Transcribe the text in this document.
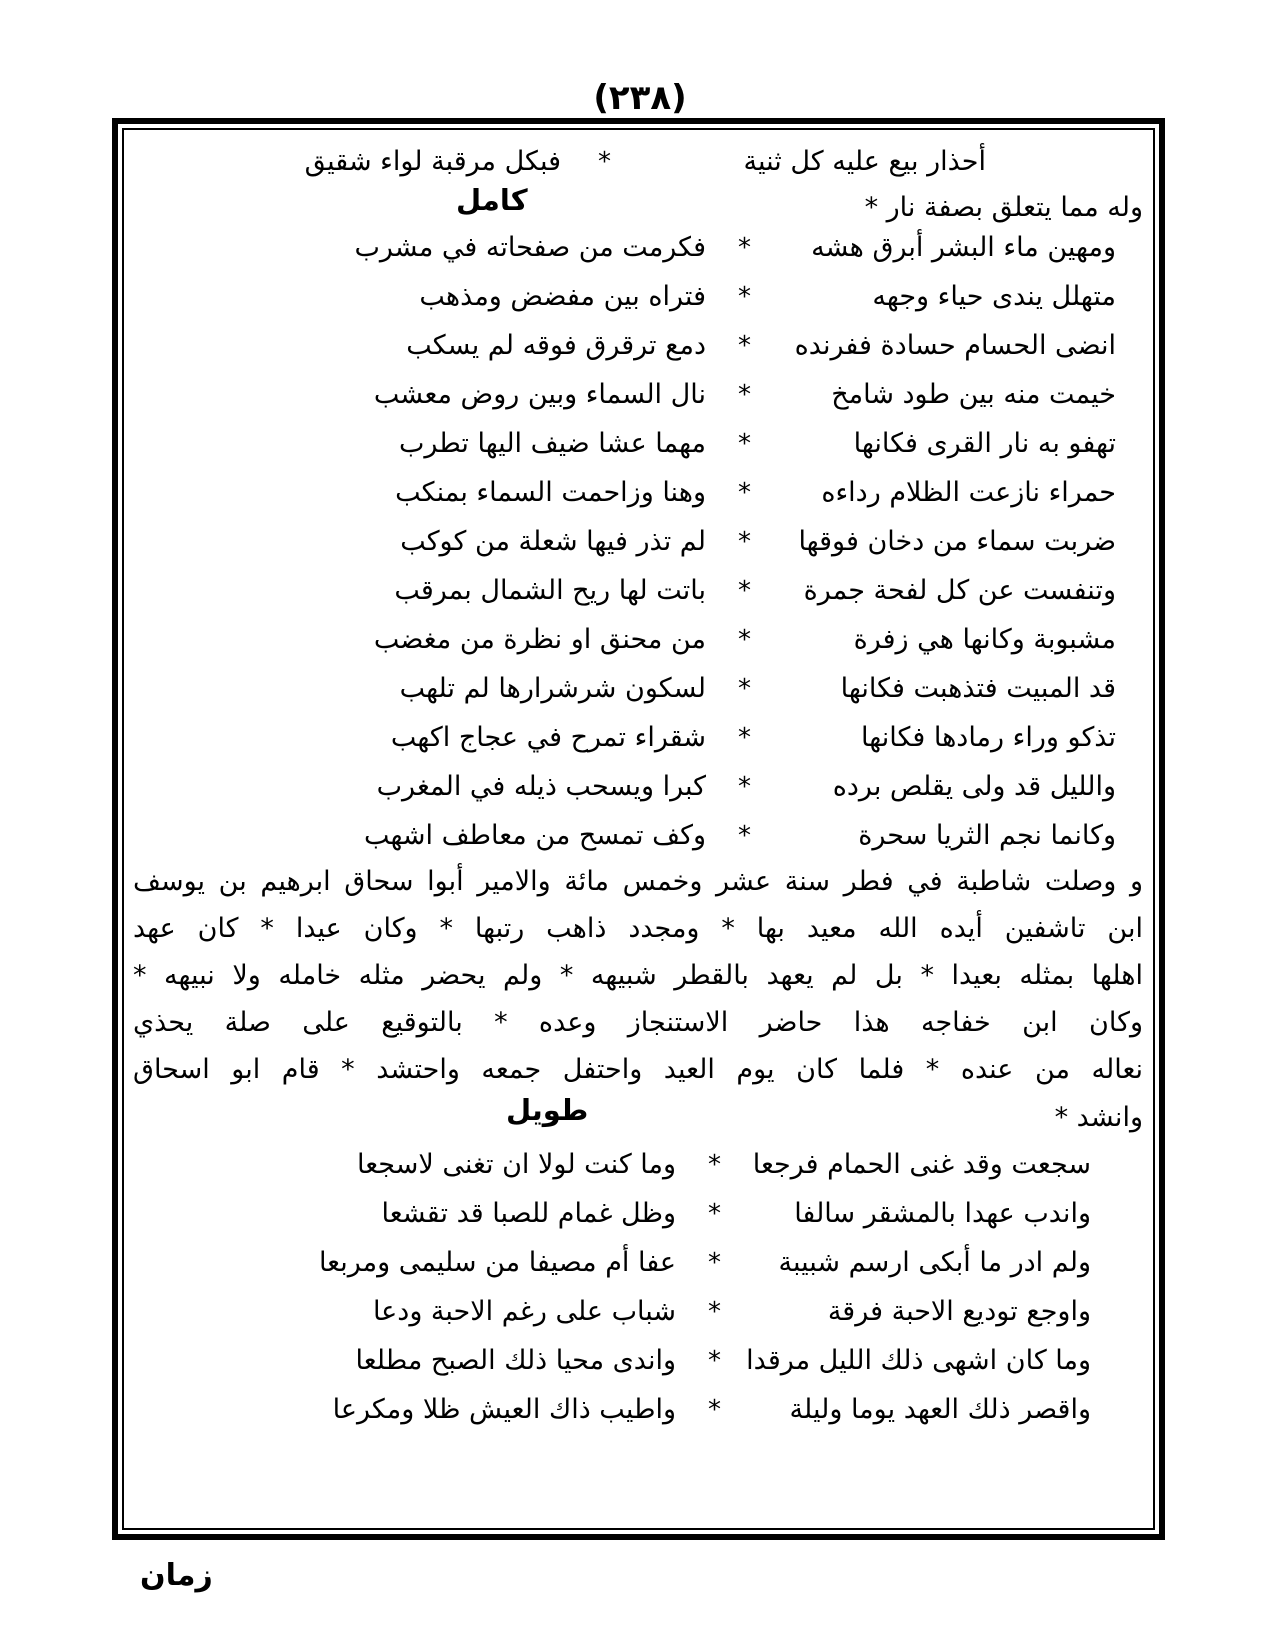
(٢٣٨)
أحذار بيع عليه كل ثنية
*
فبكل مرقبة لواء شقيق
وله مما يتعلق بصفة نار *
كامل
ومهين ماء البشر أبرق هشه
*
فكرمت من صفحاته في مشرب
متهلل يندى حياء وجهه
*
فتراه بين مفضض ومذهب
انضى الحسام حسادة ففرنده
*
دمع ترقرق فوقه لم يسكب
خيمت منه بين طود شامخ
*
نال السماء وبين روض معشب
تهفو به نار القرى فكانها
*
مهما عشا ضيف اليها تطرب
حمراء نازعت الظلام رداءه
*
وهنا وزاحمت السماء بمنكب
ضربت سماء من دخان فوقها
*
لم تذر فيها شعلة من كوكب
وتنفست عن كل لفحة جمرة
*
باتت لها ريح الشمال بمرقب
مشبوبة وكانها هي زفرة
*
من محنق او نظرة من مغضب
قد المبيت فتذهبت فكانها
*
لسكون شرشرارها لم تلهب
تذكو وراء رمادها فكانها
*
شقراء تمرح في عجاج اكهب
والليل قد ولى يقلص برده
*
كبرا ويسحب ذيله في المغرب
وكانما نجم الثريا سحرة
*
وكف تمسح من معاطف اشهب
و وصلت شاطبة في فطر سنة عشر وخمس مائة والامير أبوا سحاق ابرهيم بن يوسف
ابن تاشفين أيده الله معيد بها * ومجدد ذاهب رتبها * وكان عيدا * كان عهد
اهلها بمثله بعيدا * بل لم يعهد بالقطر شبيهه * ولم يحضر مثله خامله ولا نبيهه *
وكان ابن خفاجه هذا حاضر الاستنجاز وعده * بالتوقيع على صلة يحذي
نعاله من عنده * فلما كان يوم العيد واحتفل جمعه واحتشد * قام ابو اسحاق
وانشد *
طويل
سجعت وقد غنى الحمام فرجعا
*
وما كنت لولا ان تغنى لاسجعا
واندب عهدا بالمشقر سالفا
*
وظل غمام للصبا قد تقشعا
ولم ادر ما أبكى ارسم شبيبة
*
عفا أم مصيفا من سليمى ومربعا
واوجع توديع الاحبة فرقة
*
شباب على رغم الاحبة ودعا
وما كان اشهى ذلك الليل مرقدا
*
واندى محيا ذلك الصبح مطلعا
واقصر ذلك العهد يوما وليلة
*
واطيب ذاك العيش ظلا ومكرعا
زمان
